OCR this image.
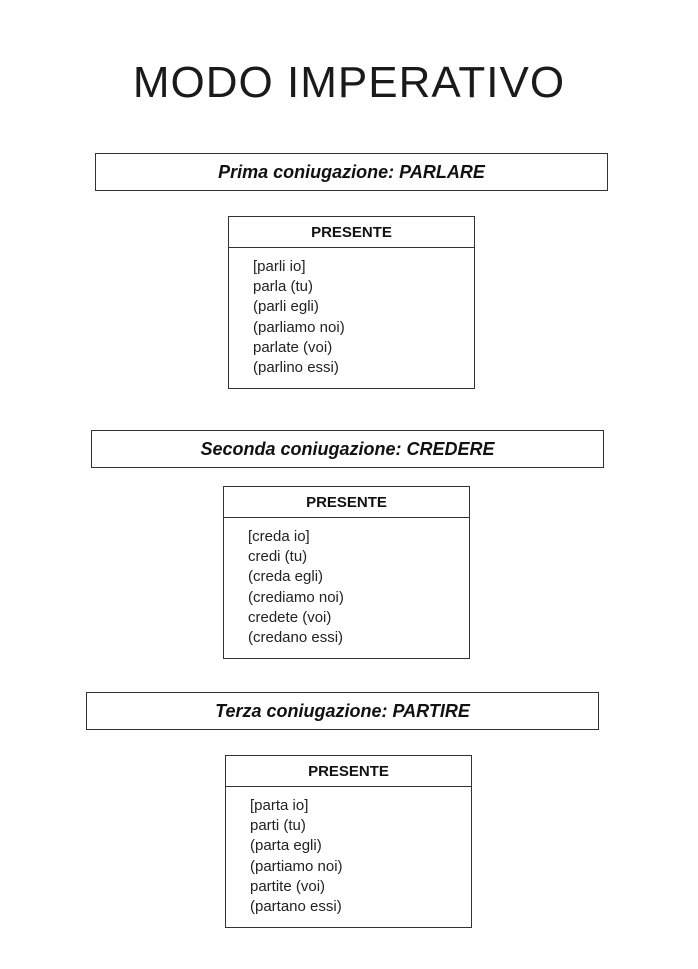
MODO IMPERATIVO
Prima coniugazione: PARLARE
PRESENTE
[parli io]
parla (tu)
(parli egli)
(parliamo noi)
parlate (voi)
(parlino essi)
Seconda coniugazione: CREDERE
PRESENTE
[creda io]
credi (tu)
(creda egli)
(crediamo noi)
credete (voi)
(credano essi)
Terza coniugazione: PARTIRE
PRESENTE
[parta io]
parti (tu)
(parta egli)
(partiamo noi)
partite (voi)
(partano essi)
